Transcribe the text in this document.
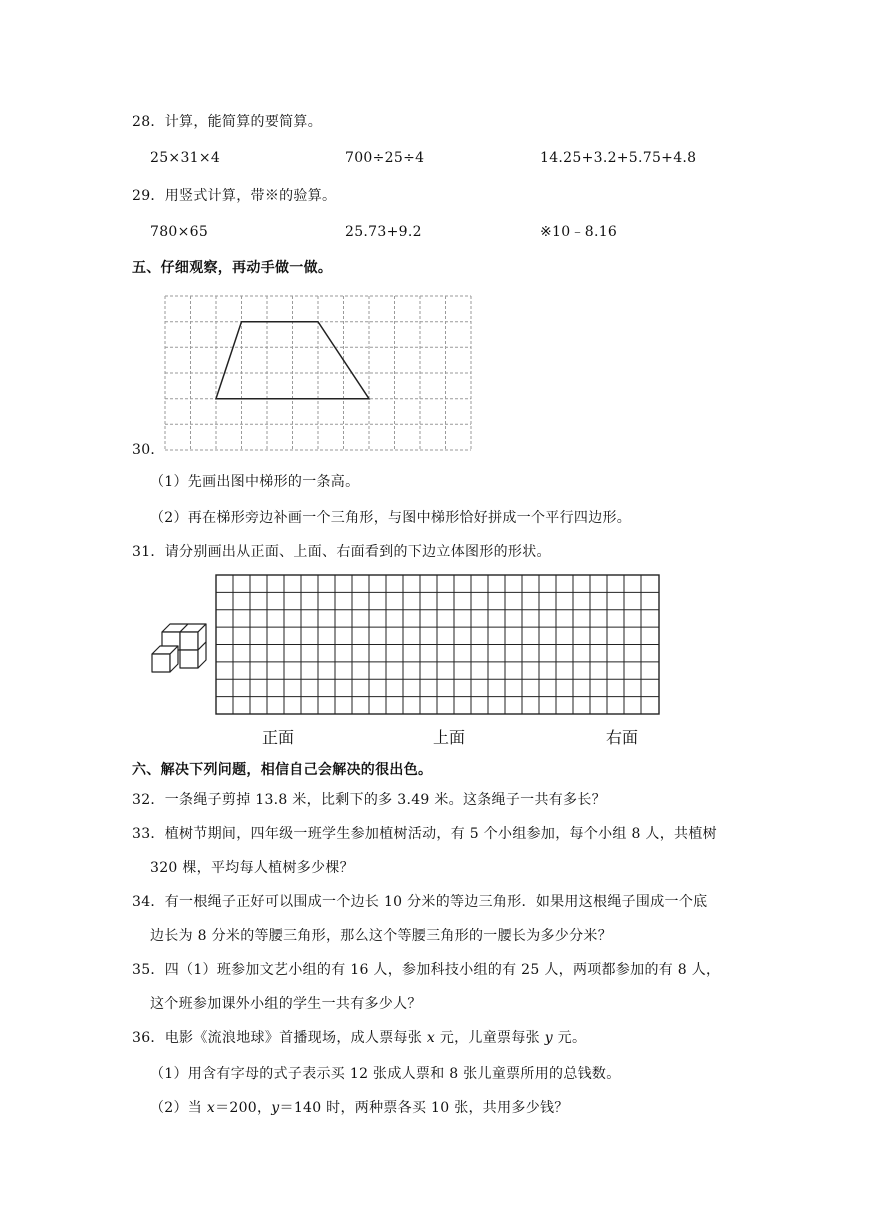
28．计算，能简算的要简算。
25×31×4	700÷25÷4	14.25+3.2+5.75+4.8
29．用竖式计算，带※的验算。
780×65	25.73+9.2	※10﹣8.16
五、仔细观察，再动手做一做。
30．
（1）先画出图中梯形的一条高。
（2）再在梯形旁边补画一个三角形，与图中梯形恰好拼成一个平行四边形。
31．请分别画出从正面、上面、右面看到的下边立体图形的形状。
正面	上面	右面
六、解决下列问题，相信自己会解决的很出色。
32．一条绳子剪掉 13.8 米，比剩下的多 3.49 米。这条绳子一共有多长？
33．植树节期间，四年级一班学生参加植树活动，有 5 个小组参加，每个小组 8 人，共植树
320 棵，平均每人植树多少棵？
34．有一根绳子正好可以围成一个边长 10 分米的等边三角形．如果用这根绳子围成一个底
边长为 8 分米的等腰三角形，那么这个等腰三角形的一腰长为多少分米？
35．四（1）班参加文艺小组的有 16 人，参加科技小组的有 25 人，两项都参加的有 8 人，
这个班参加课外小组的学生一共有多少人？
36．电影《流浪地球》首播现场，成人票每张 x 元，儿童票每张 y 元。
（1）用含有字母的式子表示买 12 张成人票和 8 张儿童票所用的总钱数。
（2）当 x＝200，y＝140 时，两种票各买 10 张，共用多少钱？
